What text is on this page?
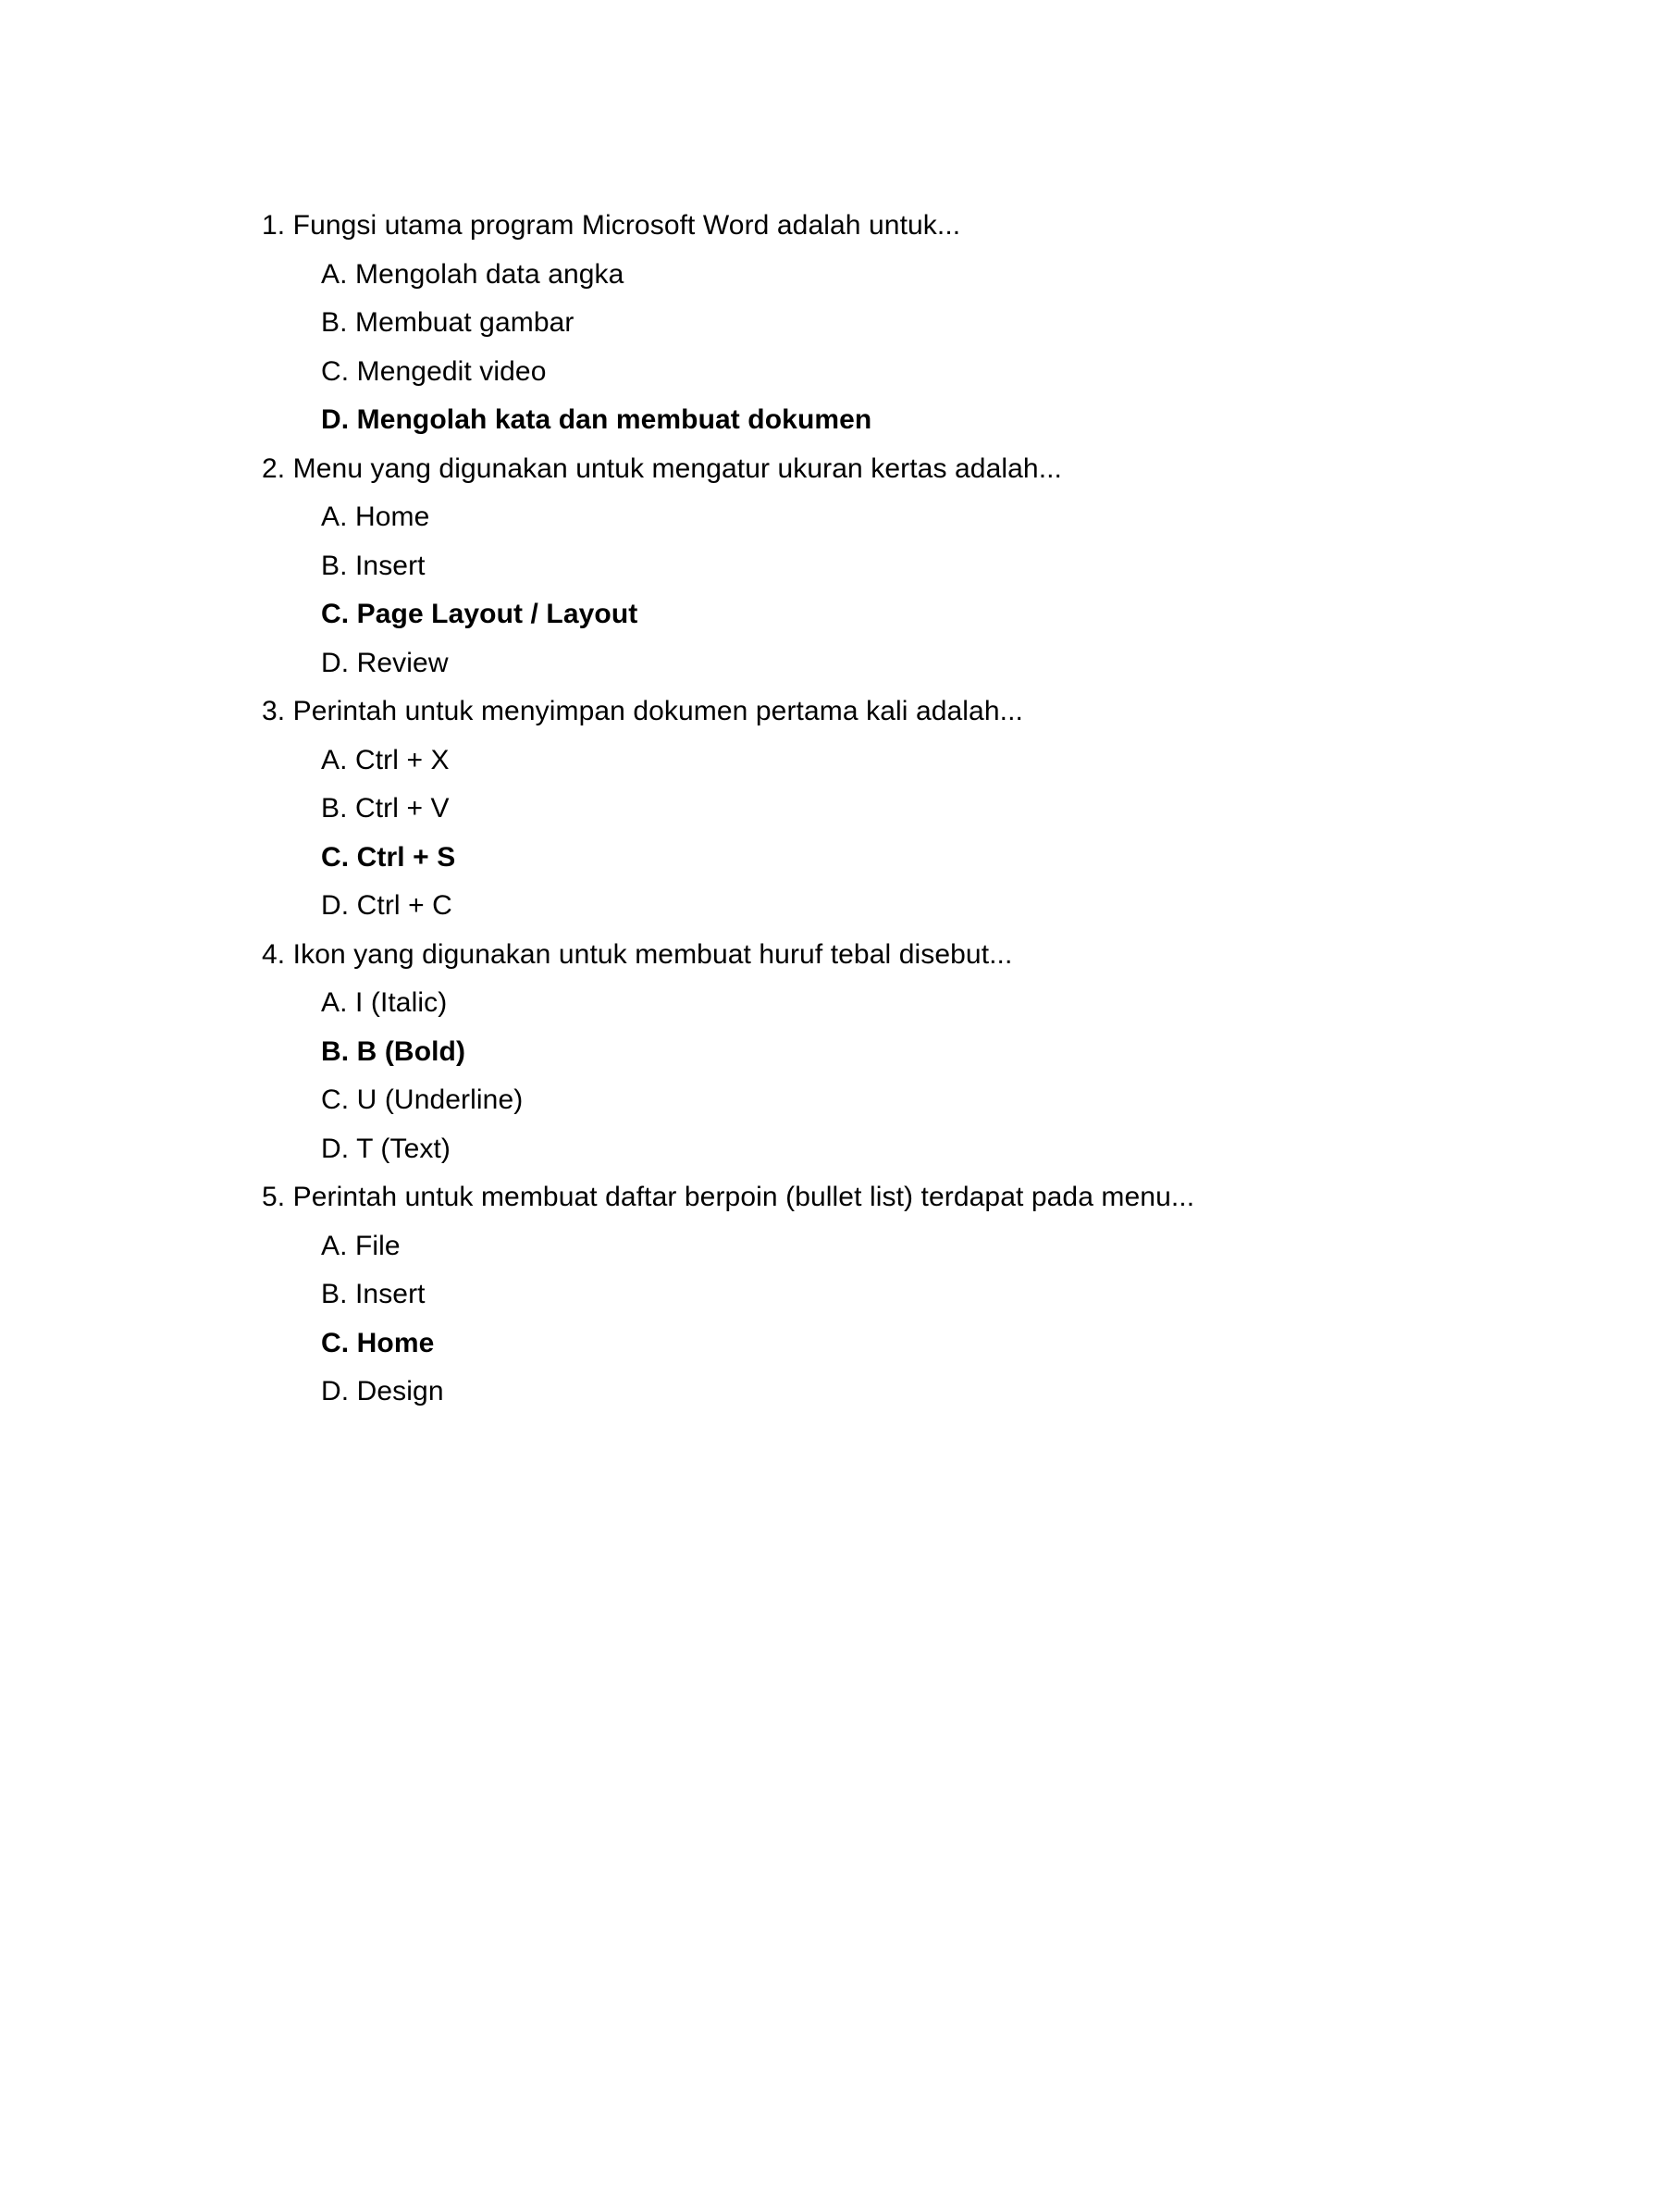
1. Fungsi utama program Microsoft Word adalah untuk...

A. Mengolah data angka
B. Membuat gambar
C. Mengedit video
D. Mengolah kata dan membuat dokumen

2. Menu yang digunakan untuk mengatur ukuran kertas adalah...

A. Home
B. Insert
C. Page Layout / Layout
D. Review

3. Perintah untuk menyimpan dokumen pertama kali adalah...

A. Ctrl + X
B. Ctrl + V
C. Ctrl + S
D. Ctrl + C

4. Ikon yang digunakan untuk membuat huruf tebal disebut...

A. I (Italic)
B. B (Bold)
C. U (Underline)
D. T (Text)

5. Perintah untuk membuat daftar berpoin (bullet list) terdapat pada menu...

A. File
B. Insert
C. Home
D. Design
